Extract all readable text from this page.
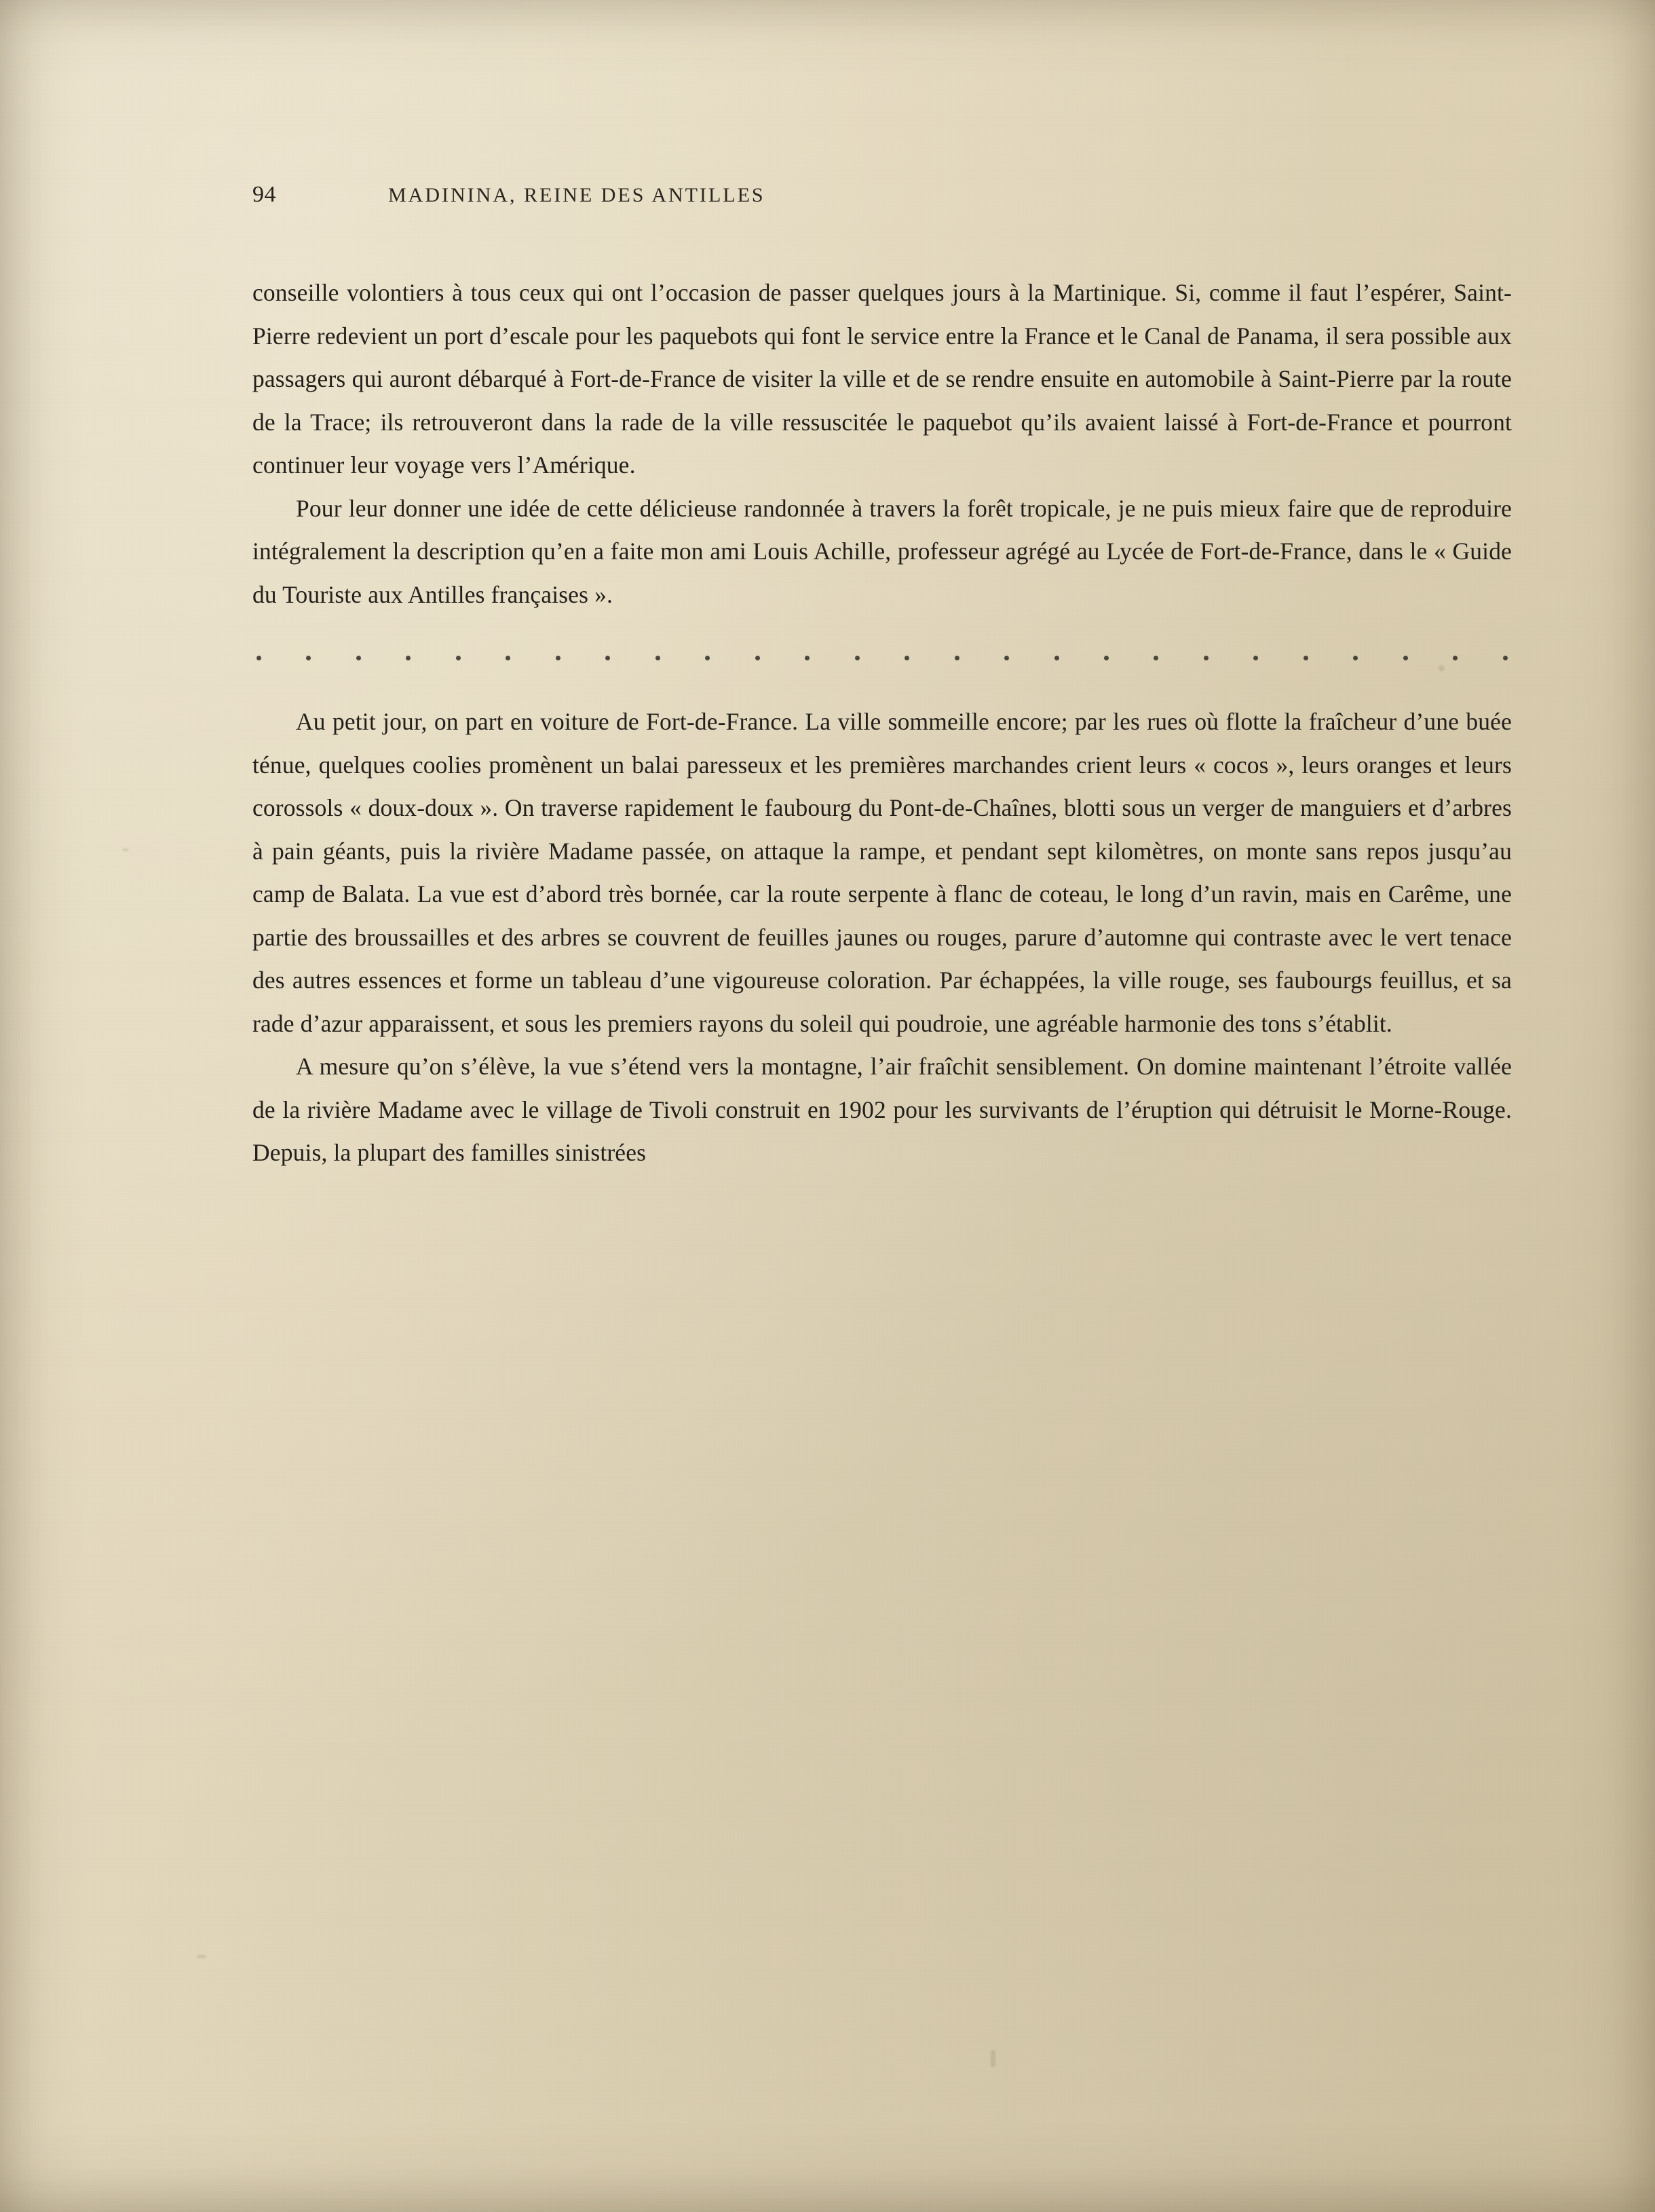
94	MADININA, REINE DES ANTILLES

conseille volontiers à tous ceux qui ont l’occasion de passer quelques jours à la Martinique. Si, comme il faut l’espérer, Saint-Pierre redevient un port d’escale pour les paquebots qui font le service entre la France et le Canal de Panama, il sera possible aux passagers qui auront débarqué à Fort-de-France de visiter la ville et de se rendre ensuite en automobile à Saint-Pierre par la route de la Trace; ils retrouveront dans la rade de la ville ressuscitée le paquebot qu’ils avaient laissé à Fort-de-France et pourront continuer leur voyage vers l’Amérique.

Pour leur donner une idée de cette délicieuse randonnée à travers la forêt tropicale, je ne puis mieux faire que de reproduire intégralement la description qu’en a faite mon ami Louis Achille, professeur agrégé au Lycée de Fort-de-France, dans le « Guide du Touriste aux Antilles françaises ».

Au petit jour, on part en voiture de Fort-de-France. La ville sommeille encore; par les rues où flotte la fraîcheur d’une buée ténue, quelques coolies promènent un balai paresseux et les premières marchandes crient leurs « cocos », leurs oranges et leurs corossols « doux-doux ». On traverse rapidement le faubourg du Pont-de-Chaînes, blotti sous un verger de manguiers et d’arbres à pain géants, puis la rivière Madame passée, on attaque la rampe, et pendant sept kilomètres, on monte sans repos jusqu’au camp de Balata. La vue est d’abord très bornée, car la route serpente à flanc de coteau, le long d’un ravin, mais en Carême, une partie des broussailles et des arbres se couvrent de feuilles jaunes ou rouges, parure d’automne qui contraste avec le vert tenace des autres essences et forme un tableau d’une vigoureuse coloration. Par échappées, la ville rouge, ses faubourgs feuillus, et sa rade d’azur apparaissent, et sous les premiers rayons du soleil qui poudroie, une agréable harmonie des tons s’établit.

A mesure qu’on s’élève, la vue s’étend vers la montagne, l’air fraîchit sensiblement. On domine maintenant l’étroite vallée de la rivière Madame avec le village de Tivoli construit en 1902 pour les survivants de l’éruption qui détruisit le Morne-Rouge. Depuis, la plupart des familles sinistrées
